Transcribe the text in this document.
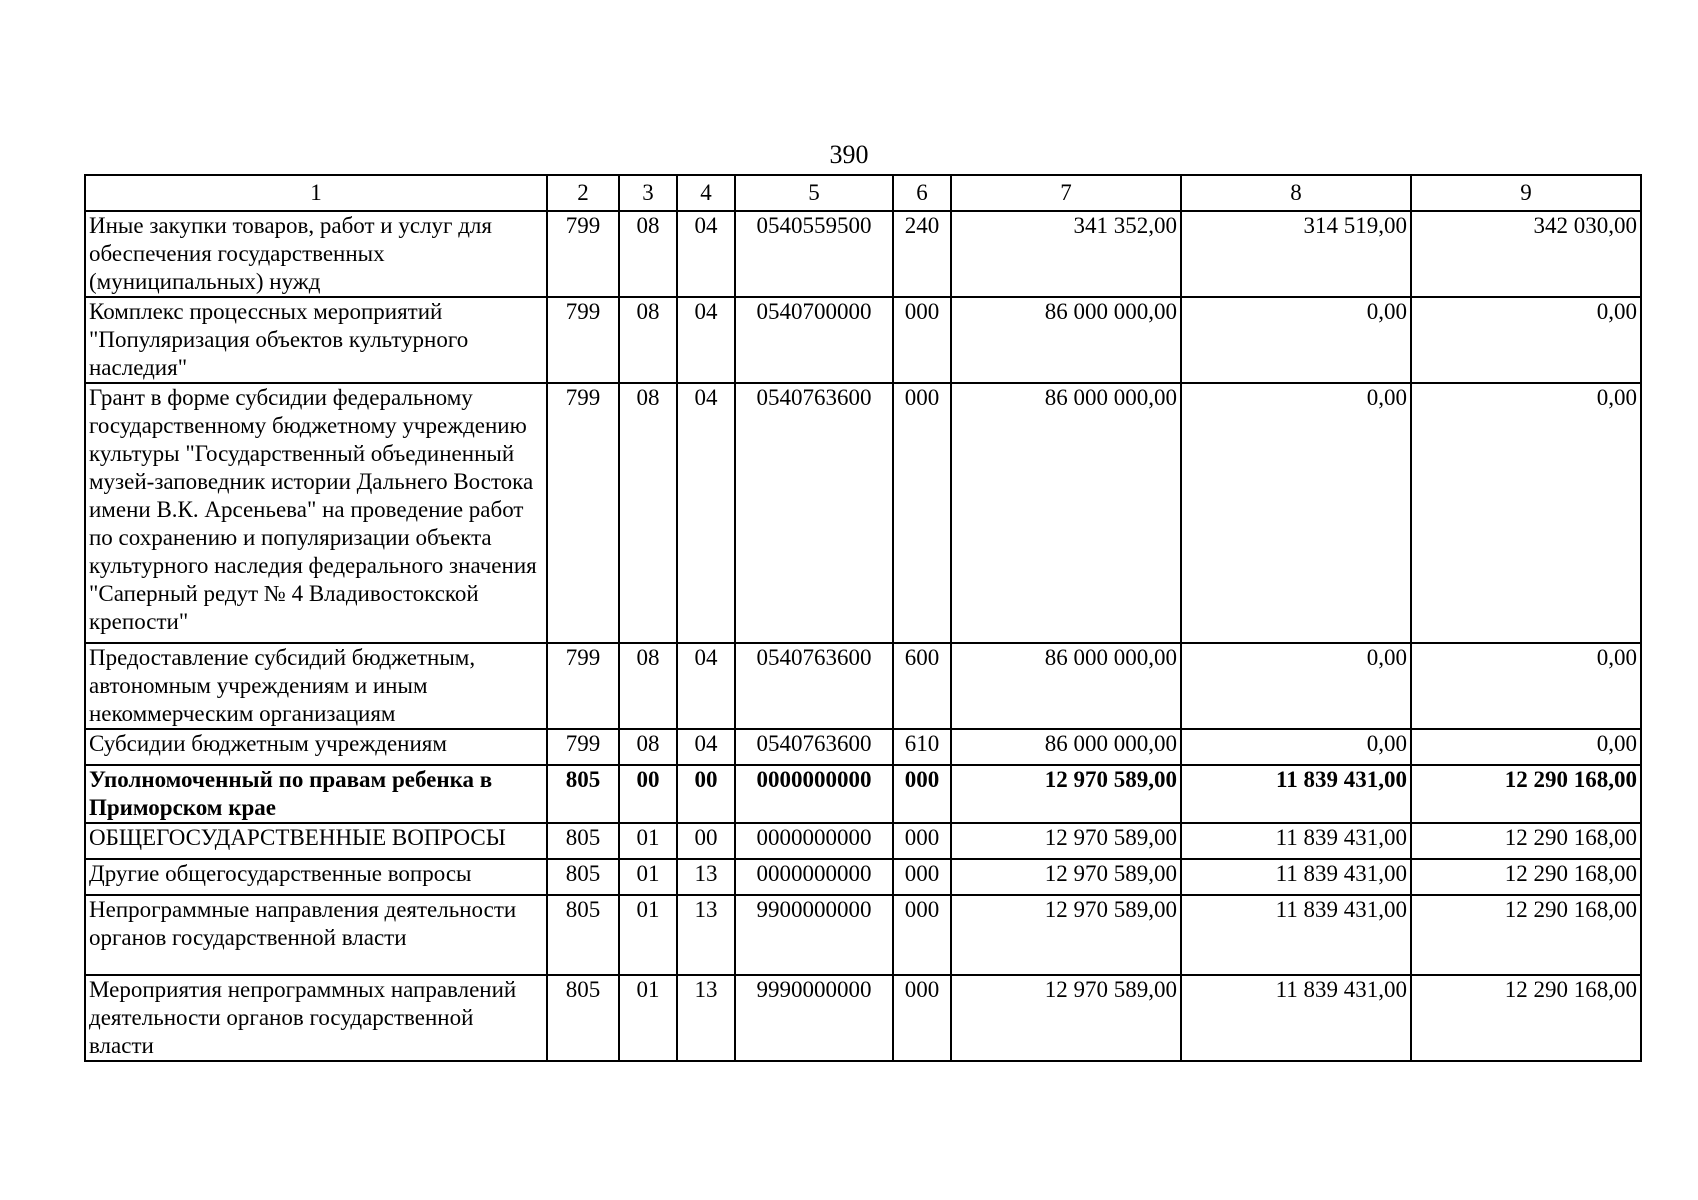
390
1	2	3	4	5	6	7	8	9
Иные закупки товаров, работ и услуг для обеспечения государственных (муниципальных) нужд	799	08	04	0540559500	240	341 352,00	314 519,00	342 030,00
Комплекс процессных мероприятий "Популяризация объектов культурного наследия"	799	08	04	0540700000	000	86 000 000,00	0,00	0,00
Грант в форме субсидии федеральному государственному бюджетному учреждению культуры "Государственный объединенный музей-заповедник истории Дальнего Востока имени В.К. Арсеньева" на проведение работ по сохранению и популяризации объекта культурного наследия федерального значения "Саперный редут № 4 Владивостокской крепости"	799	08	04	0540763600	000	86 000 000,00	0,00	0,00
Предоставление субсидий бюджетным, автономным учреждениям и иным некоммерческим организациям	799	08	04	0540763600	600	86 000 000,00	0,00	0,00
Субсидии бюджетным учреждениям	799	08	04	0540763600	610	86 000 000,00	0,00	0,00
Уполномоченный по правам ребенка в Приморском крае	805	00	00	0000000000	000	12 970 589,00	11 839 431,00	12 290 168,00
ОБЩЕГОСУДАРСТВЕННЫЕ ВОПРОСЫ	805	01	00	0000000000	000	12 970 589,00	11 839 431,00	12 290 168,00
Другие общегосударственные вопросы	805	01	13	0000000000	000	12 970 589,00	11 839 431,00	12 290 168,00
Непрограммные направления деятельности органов государственной власти	805	01	13	9900000000	000	12 970 589,00	11 839 431,00	12 290 168,00
Мероприятия непрограммных направлений деятельности органов государственной власти	805	01	13	9990000000	000	12 970 589,00	11 839 431,00	12 290 168,00
